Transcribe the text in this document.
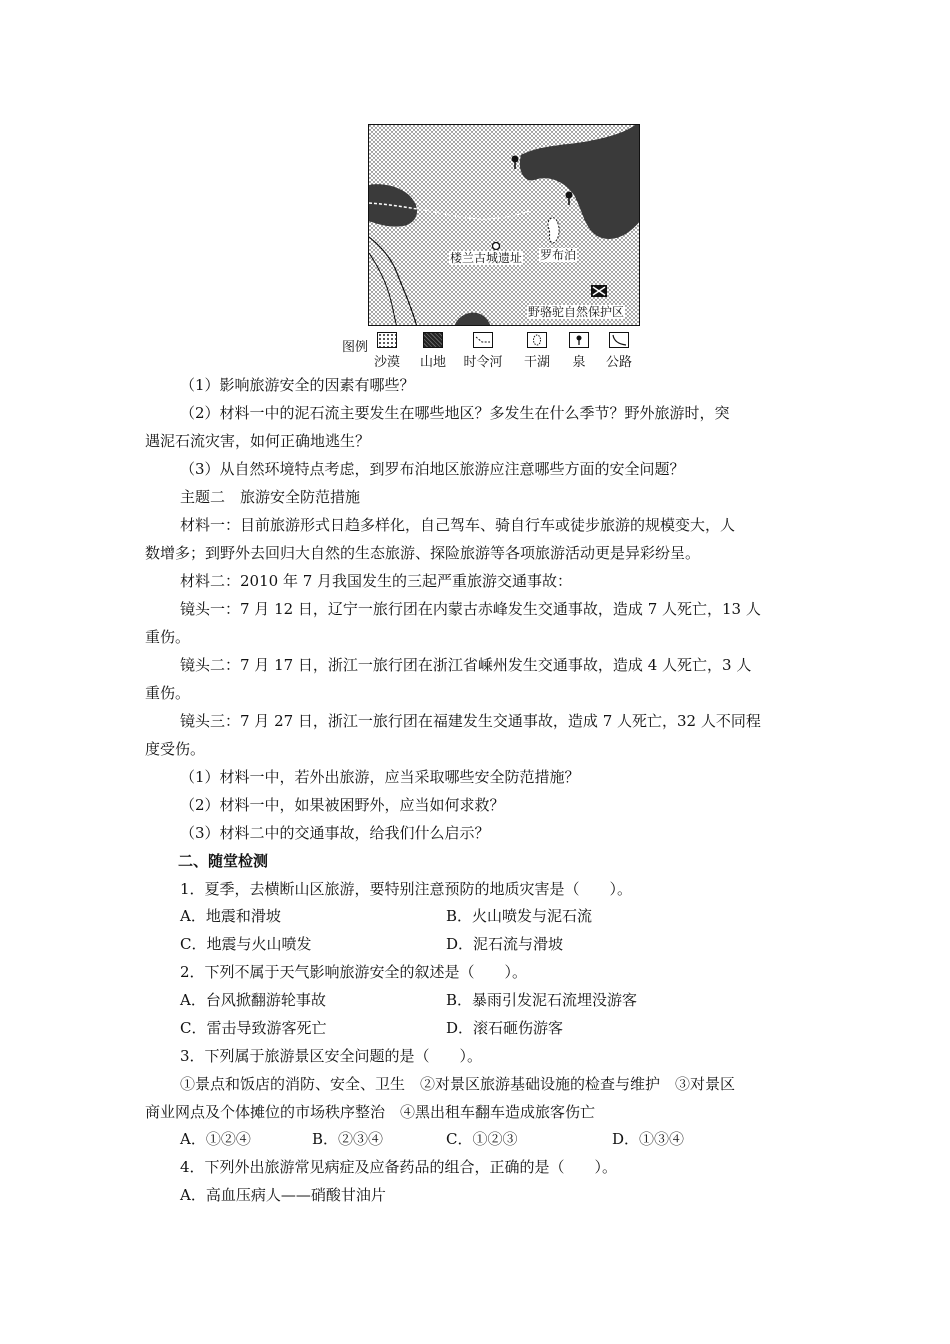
楼兰古城遗址 罗布泊
野骆驼自然保护区
图例
沙漠	山地	时令河	干湖	泉	公路
（1）影响旅游安全的因素有哪些？
（2）材料一中的泥石流主要发生在哪些地区？多发生在什么季节？野外旅游时，突
遇泥石流灾害，如何正确地逃生？
（3）从自然环境特点考虑，到罗布泊地区旅游应注意哪些方面的安全问题？
主题二　旅游安全防范措施
材料一：目前旅游形式日趋多样化，自己驾车、骑自行车或徒步旅游的规模变大，人
数增多；到野外去回归大自然的生态旅游、探险旅游等各项旅游活动更是异彩纷呈。
材料二：2010 年 7 月我国发生的三起严重旅游交通事故：
镜头一：7 月 12 日，辽宁一旅行团在内蒙古赤峰发生交通事故，造成 7 人死亡，13 人
重伤。
镜头二：7 月 17 日，浙江一旅行团在浙江省嵊州发生交通事故，造成 4 人死亡，3 人
重伤。
镜头三：7 月 27 日，浙江一旅行团在福建发生交通事故，造成 7 人死亡，32 人不同程
度受伤。
（1）材料一中，若外出旅游，应当采取哪些安全防范措施？
（2）材料一中，如果被困野外，应当如何求救？
（3）材料二中的交通事故，给我们什么启示？
二、随堂检测
1．夏季，去横断山区旅游，要特别注意预防的地质灾害是（　　）。
A．地震和滑坡	B．火山喷发与泥石流
C．地震与火山喷发	D．泥石流与滑坡
2．下列不属于天气影响旅游安全的叙述是（　　）。
A．台风掀翻游轮事故	B．暴雨引发泥石流埋没游客
C．雷击导致游客死亡	D．滚石砸伤游客
3．下列属于旅游景区安全问题的是（　　）。
①景点和饭店的消防、安全、卫生　②对景区旅游基础设施的检查与维护　③对景区
商业网点及个体摊位的市场秩序整治　④黑出租车翻车造成旅客伤亡
A．①②④	B．②③④	C．①②③	D．①③④
4．下列外出旅游常见病症及应备药品的组合，正确的是（　　）。
A．高血压病人——硝酸甘油片
